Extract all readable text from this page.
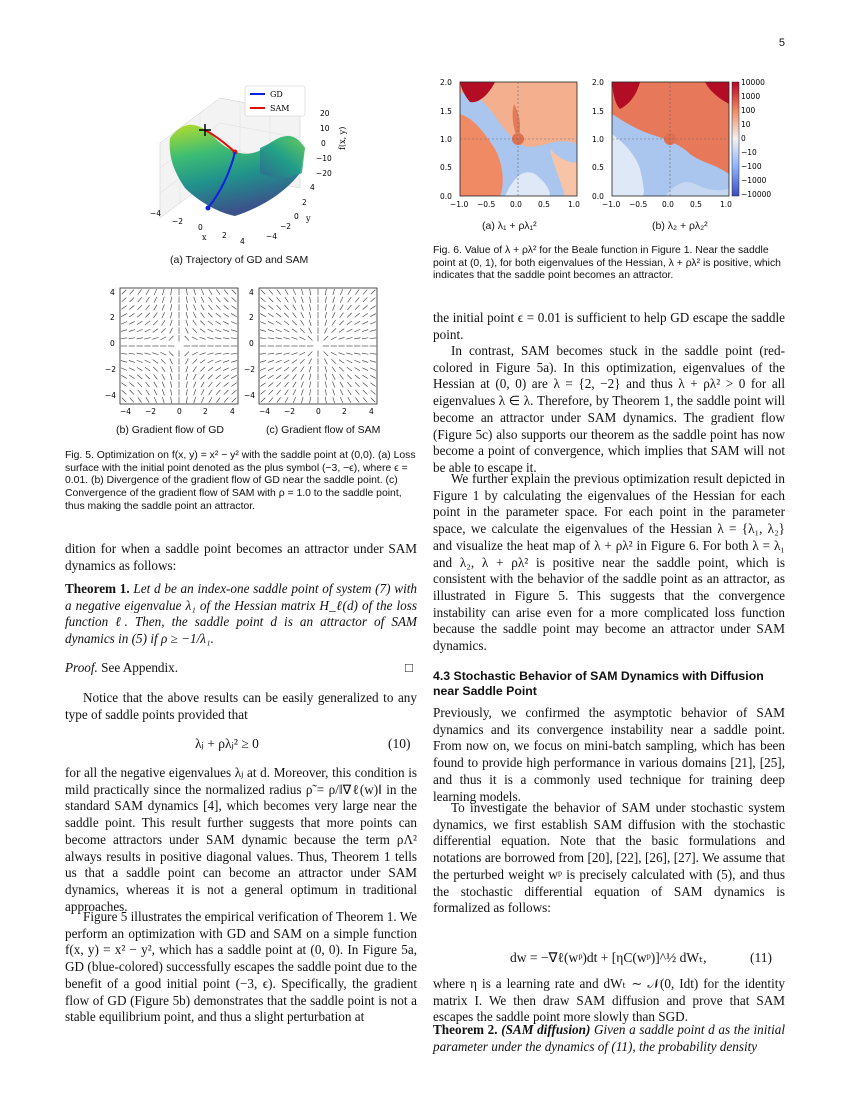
5
GD
SAM
20
10
0
−10
−20
f(x, y)
4
2
0
−2
−4
y
−4
−2
0
2
4
x
(a) Trajectory of GD and SAM
4
2
0
−2
−4
−4 −2	0	2	4
4
2
0
−2
−4
−4 −2	0	2	4
(b) Gradient flow of GD	(c) Gradient flow of SAM
Fig. 5. Optimization on f(x, y) = x² − y² with the saddle point at (0,0). (a) Loss surface with the initial point denoted as the plus symbol (−3, −ϵ), where ϵ = 0.01. (b) Divergence of the gradient flow of GD near the saddle point. (c) Convergence of the gradient flow of SAM with ρ = 1.0 to the saddle point, thus making the saddle point an attractor.
2.0
1.5
1.0
0.5
0.0
−1.0 −0.5 0.0 0.5 1.0
2.0
1.5
1.0
0.5
0.0
−1.0 −0.5 0.0 0.5 1.0
10000
1000
100
10
0
−10
−100
−1000
−10000
(a) λ₁ + ρλ₁²	(b) λ₂ + ρλ₂²
Fig. 6. Value of λ + ρλ² for the Beale function in Figure 1. Near the saddle point at (0, 1), for both eigenvalues of the Hessian, λ + ρλ² is positive, which indicates that the saddle point becomes an attractor.
dition for when a saddle point becomes an attractor under SAM dynamics as follows:
Theorem 1. Let d be an index-one saddle point of system (7) with a negative eigenvalue λ₁ of the Hessian matrix H_ℓ(d) of the loss function ℓ. Then, the saddle point d is an attractor of SAM dynamics in (5) if ρ ≥ −1/λ₁.
Proof. See Appendix.	□
Notice that the above results can be easily generalized to any type of saddle points provided that
λⱼ + ρλⱼ² ≥ 0	(10)
for all the negative eigenvalues λⱼ at d. Moreover, this condition is mild practically since the normalized radius ρ̃ = ρ/‖∇ℓ(w)‖ in the standard SAM dynamics [4], which becomes very large near the saddle point. This result further suggests that more points can become attractors under SAM dynamic because the term ρΛ² always results in positive diagonal values. Thus, Theorem 1 tells us that a saddle point can become an attractor under SAM dynamics, whereas it is not a general optimum in traditional approaches.
Figure 5 illustrates the empirical verification of Theorem 1. We perform an optimization with GD and SAM on a simple function f(x, y) = x² − y², which has a saddle point at (0, 0). In Figure 5a, GD (blue-colored) successfully escapes the saddle point due to the benefit of a good initial point (−3, ϵ). Specifically, the gradient flow of GD (Figure 5b) demonstrates that the saddle point is not a stable equilibrium point, and thus a slight perturbation at
the initial point ϵ = 0.01 is sufficient to help GD escape the saddle point.
In contrast, SAM becomes stuck in the saddle point (red-colored in Figure 5a). In this optimization, eigenvalues of the Hessian at (0, 0) are λ = {2, −2} and thus λ + ρλ² > 0 for all eigenvalues λ ∈ λ. Therefore, by Theorem 1, the saddle point will become an attractor under SAM dynamics. The gradient flow (Figure 5c) also supports our theorem as the saddle point has now become a point of convergence, which implies that SAM will not be able to escape it.
We further explain the previous optimization result depicted in Figure 1 by calculating the eigenvalues of the Hessian for each point in the parameter space. For each point in the parameter space, we calculate the eigenvalues of the Hessian λ = {λ₁, λ₂} and visualize the heat map of λ + ρλ² in Figure 6. For both λ = λ₁ and λ₂, λ + ρλ² is positive near the saddle point, which is consistent with the behavior of the saddle point as an attractor, as illustrated in Figure 5. This suggests that the convergence instability can arise even for a more complicated loss function because the saddle point may become an attractor under SAM dynamics.
4.3 Stochastic Behavior of SAM Dynamics with Diffusion near Saddle Point
Previously, we confirmed the asymptotic behavior of SAM dynamics and its convergence instability near a saddle point. From now on, we focus on mini-batch sampling, which has been found to provide high performance in various domains [21], [25], and thus it is a commonly used technique for training deep learning models.
To investigate the behavior of SAM under stochastic system dynamics, we first establish SAM diffusion with the stochastic differential equation. Note that the basic formulations and notations are borrowed from [20], [22], [26], [27]. We assume that the perturbed weight wᵖ is precisely calculated with (5), and thus the stochastic differential equation of SAM dynamics is formalized as follows:
dw = −∇ℓ(wᵖ)dt + [ηC(wᵖ)]^½ dWₜ,	(11)
where η is a learning rate and dWₜ ∼ 𝒩(0, Idt) for the identity matrix I. We then draw SAM diffusion and prove that SAM escapes the saddle point more slowly than SGD.
Theorem 2. (SAM diffusion) Given a saddle point d as the initial parameter under the dynamics of (11), the probability density
